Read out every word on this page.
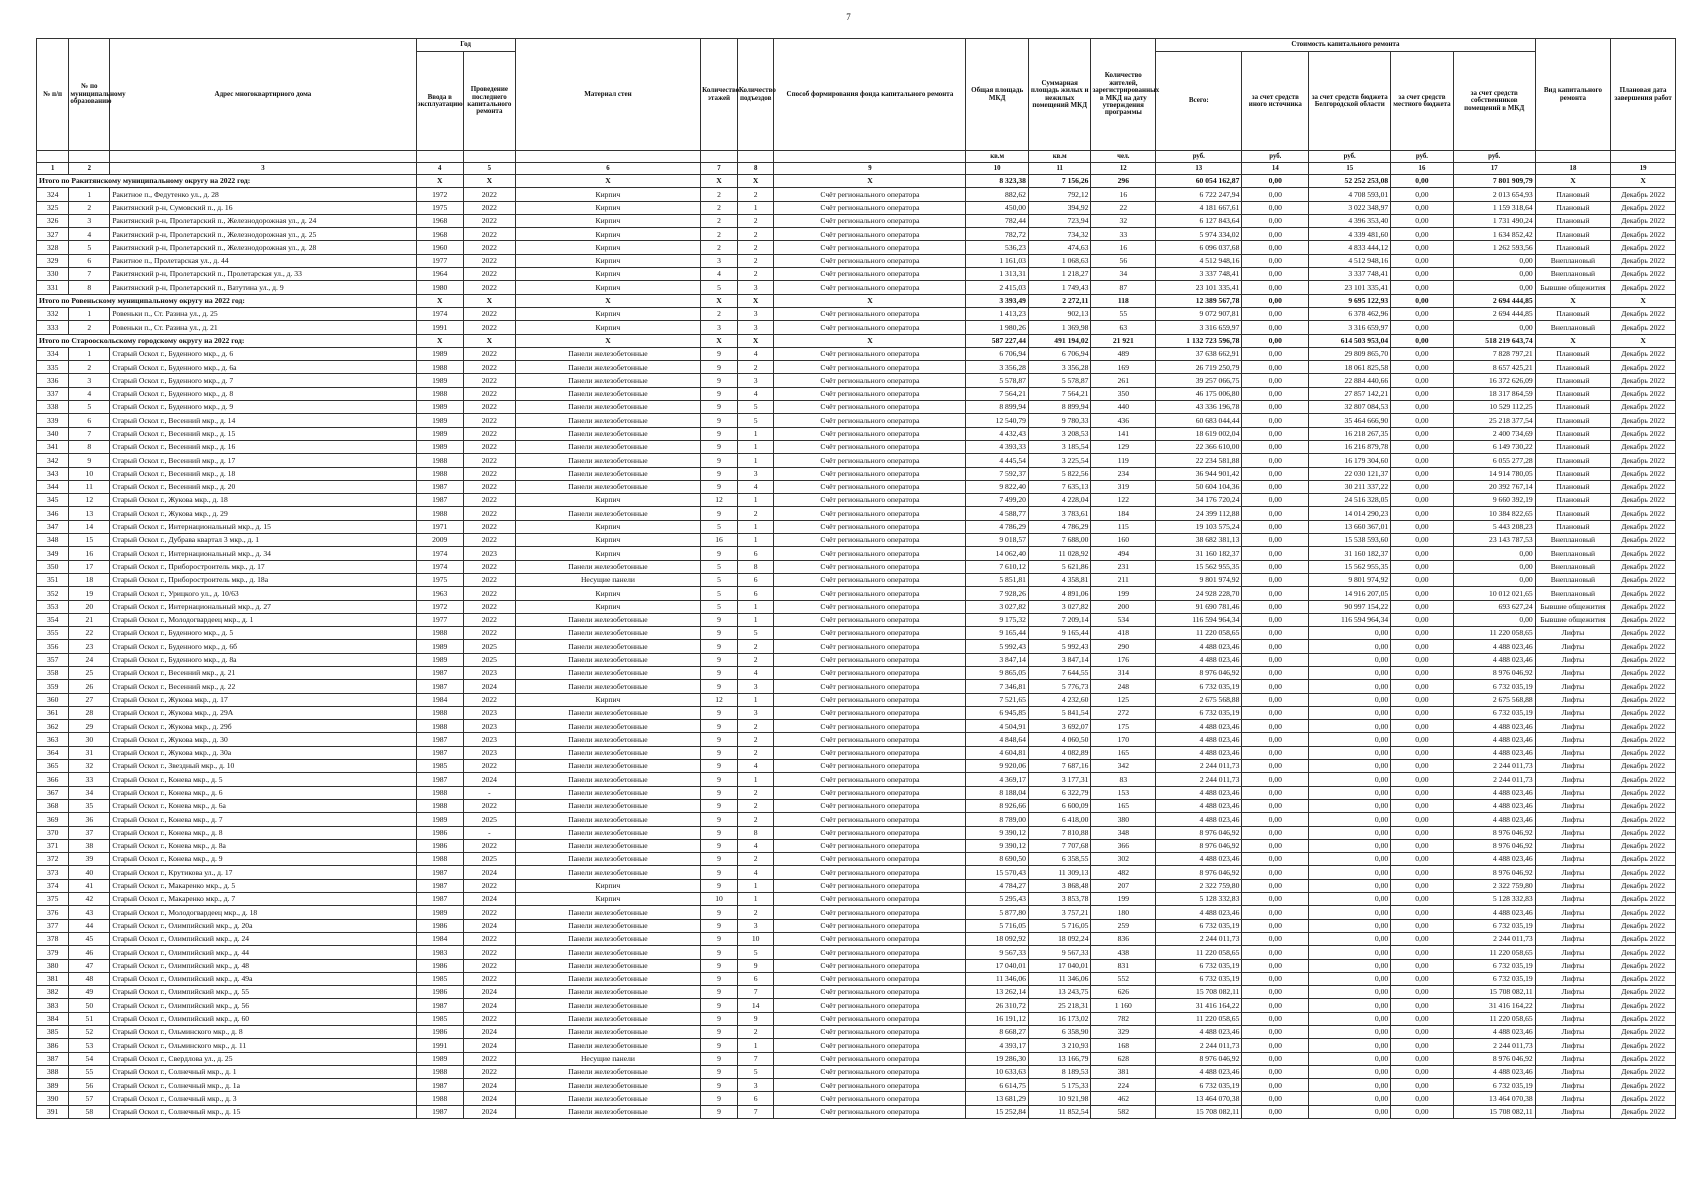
7
№ п/п	№ по муниципальному образованию	Адрес многоквартирного дома	Год		Материал стен	Количество этажей	Количество подъездов	Способ формирования фонда капитального ремонта	Общая площадь МКД	Суммарная площадь жилых и нежилых помещений МКД	Количество жителей, зарегистрированных в МКД на дату утверждения программы	Стоимость капитального ремонта					Вид капитального ремонта	Плановая дата завершения работ
			Ввода в эксплуатацию	Проведение последнего капитального ремонта								Всего:	за счет средств иного источника	за счет средств бюджета Белгородской области	за счет средств местного бюджета	за счет средств собственников помещений в МКД		
									кв.м	кв.м	чел.	руб.	руб.	руб.	руб.	руб.		
1	2	3	4	5	6	7	8	9	10	11	12	13	14	15	16	17	18	19
Итого по Ракитянскому муниципальному округу на 2022 год:			X	X	X	X	X	X	8 323,38	7 156,26	296	60 054 162,87	0,00	52 252 253,08	0,00	7 801 909,79	X	X
324	1	Ракитное п., Федутенко ул., д. 28	1972	2022	Кирпич	2	2	Счёт регионального оператора	882,62	792,12	16	6 722 247,94	0,00	4 708 593,01	0,00	2 013 654,93	Плановый	Декабрь 2022
325	2	Ракитянский р-н, Сумовский п., д. 16	1975	2022	Кирпич	2	1	Счёт регионального оператора	450,00	394,92	22	4 181 667,61	0,00	3 022 348,97	0,00	1 159 318,64	Плановый	Декабрь 2022
326	3	Ракитянский р-н, Пролетарский п., Железнодорожная ул., д. 24	1968	2022	Кирпич	2	2	Счёт регионального оператора	782,44	723,94	32	6 127 843,64	0,00	4 396 353,40	0,00	1 731 490,24	Плановый	Декабрь 2022
327	4	Ракитянский р-н, Пролетарский п., Железнодорожная ул., д. 25	1968	2022	Кирпич	2	2	Счёт регионального оператора	782,72	734,32	33	5 974 334,02	0,00	4 339 481,60	0,00	1 634 852,42	Плановый	Декабрь 2022
328	5	Ракитянский р-н, Пролетарский п., Железнодорожная ул., д. 28	1960	2022	Кирпич	2	2	Счёт регионального оператора	536,23	474,63	16	6 096 037,68	0,00	4 833 444,12	0,00	1 262 593,56	Плановый	Декабрь 2022
329	6	Ракитное п., Пролетарская ул., д. 44	1977	2022	Кирпич	3	2	Счёт регионального оператора	1 161,03	1 068,63	56	4 512 948,16	0,00	4 512 948,16	0,00	0,00	Внеплановый	Декабрь 2022
330	7	Ракитянский р-н, Пролетарский п., Пролетарская ул., д. 33	1964	2022	Кирпич	4	2	Счёт регионального оператора	1 313,31	1 218,27	34	3 337 748,41	0,00	3 337 748,41	0,00	0,00	Внеплановый	Декабрь 2022
331	8	Ракитянский р-н, Пролетарский п., Ватутина ул., д. 9	1980	2022	Кирпич	5	3	Счёт регионального оператора	2 415,03	1 749,43	87	23 101 335,41	0,00	23 101 335,41	0,00	0,00	Бывшие общежития	Декабрь 2022
Итого по Ровеньскому муниципальному округу на 2022 год:			X	X	X	X	X	X	3 393,49	2 272,11	118	12 389 567,78	0,00	9 695 122,93	0,00	2 694 444,85	X	X
332	1	Ровеньки п., Ст. Разина ул., д. 25	1974	2022	Кирпич	2	3	Счёт регионального оператора	1 413,23	902,13	55	9 072 907,81	0,00	6 378 462,96	0,00	2 694 444,85	Плановый	Декабрь 2022
333	2	Ровеньки п., Ст. Разина ул., д. 21	1991	2022	Кирпич	3	3	Счёт регионального оператора	1 980,26	1 369,98	63	3 316 659,97	0,00	3 316 659,97	0,00	0,00	Внеплановый	Декабрь 2022
Итого по Старооскольскому городскому округу на 2022 год:			X	X	X	X	X	X	587 227,44	491 194,02	21 921	1 132 723 596,78	0,00	614 503 953,04	0,00	518 219 643,74	X	X
334	1	Старый Оскол г., Буденного мкр., д. 6	1989	2022	Панели железобетонные	9	4	Счёт регионального оператора	6 706,94	6 706,94	489	37 638 662,91	0,00	29 809 865,70	0,00	7 828 797,21	Плановый	Декабрь 2022
335	2	Старый Оскол г., Буденного мкр., д. 6а	1988	2022	Панели железобетонные	9	2	Счёт регионального оператора	3 356,28	3 356,28	169	26 719 250,79	0,00	18 061 825,58	0,00	8 657 425,21	Плановый	Декабрь 2022
336	3	Старый Оскол г., Буденного мкр., д. 7	1989	2022	Панели железобетонные	9	3	Счёт регионального оператора	5 578,87	5 578,87	261	39 257 066,75	0,00	22 884 440,66	0,00	16 372 626,09	Плановый	Декабрь 2022
337	4	Старый Оскол г., Буденного мкр., д. 8	1988	2022	Панели железобетонные	9	4	Счёт регионального оператора	7 564,21	7 564,21	350	46 175 006,80	0,00	27 857 142,21	0,00	18 317 864,59	Плановый	Декабрь 2022
338	5	Старый Оскол г., Буденного мкр., д. 9	1989	2022	Панели железобетонные	9	5	Счёт регионального оператора	8 899,94	8 899,94	440	43 336 196,78	0,00	32 807 084,53	0,00	10 529 112,25	Плановый	Декабрь 2022
339	6	Старый Оскол г., Весенний мкр., д. 14	1989	2022	Панели железобетонные	9	5	Счёт регионального оператора	12 540,79	9 780,33	436	60 683 044,44	0,00	35 464 666,90	0,00	25 218 377,54	Плановый	Декабрь 2022
340	7	Старый Оскол г., Весенний мкр., д. 15	1989	2022	Панели железобетонные	9	1	Счёт регионального оператора	4 432,43	3 208,53	141	18 619 002,04	0,00	16 218 267,35	0,00	2 400 734,69	Плановый	Декабрь 2022
341	8	Старый Оскол г., Весенний мкр., д. 16	1989	2022	Панели железобетонные	9	1	Счёт регионального оператора	4 393,33	3 185,54	129	22 366 610,00	0,00	16 216 879,78	0,00	6 149 730,22	Плановый	Декабрь 2022
342	9	Старый Оскол г., Весенний мкр., д. 17	1988	2022	Панели железобетонные	9	1	Счёт регионального оператора	4 445,54	3 225,54	119	22 234 581,88	0,00	16 179 304,60	0,00	6 055 277,28	Плановый	Декабрь 2022
343	10	Старый Оскол г., Весенний мкр., д. 18	1988	2022	Панели железобетонные	9	3	Счёт регионального оператора	7 592,37	5 822,56	234	36 944 901,42	0,00	22 030 121,37	0,00	14 914 780,05	Плановый	Декабрь 2022
344	11	Старый Оскол г., Весенний мкр., д. 20	1987	2022	Панели железобетонные	9	4	Счёт регионального оператора	9 822,40	7 635,13	319	50 604 104,36	0,00	30 211 337,22	0,00	20 392 767,14	Плановый	Декабрь 2022
345	12	Старый Оскол г., Жукова мкр., д. 18	1987	2022	Кирпич	12	1	Счёт регионального оператора	7 499,20	4 228,04	122	34 176 720,24	0,00	24 516 328,05	0,00	9 660 392,19	Плановый	Декабрь 2022
346	13	Старый Оскол г., Жукова мкр., д. 29	1988	2022	Панели железобетонные	9	2	Счёт регионального оператора	4 588,77	3 783,61	184	24 399 112,88	0,00	14 014 290,23	0,00	10 384 822,65	Плановый	Декабрь 2022
347	14	Старый Оскол г., Интернациональный мкр., д. 15	1971	2022	Кирпич	5	1	Счёт регионального оператора	4 786,29	4 786,29	115	19 103 575,24	0,00	13 660 367,01	0,00	5 443 208,23	Плановый	Декабрь 2022
348	15	Старый Оскол г., Дубрава квартал 3 мкр., д. 1	2009	2022	Кирпич	16	1	Счёт регионального оператора	9 018,57	7 688,00	160	38 682 381,13	0,00	15 538 593,60	0,00	23 143 787,53	Внеплановый	Декабрь 2022
349	16	Старый Оскол г., Интернациональный мкр., д. 34	1974	2023	Кирпич	9	6	Счёт регионального оператора	14 062,40	11 028,92	494	31 160 182,37	0,00	31 160 182,37	0,00	0,00	Внеплановый	Декабрь 2022
350	17	Старый Оскол г., Приборостроитель мкр., д. 17	1974	2022	Панели железобетонные	5	8	Счёт регионального оператора	7 610,12	5 621,86	231	15 562 955,35	0,00	15 562 955,35	0,00	0,00	Внеплановый	Декабрь 2022
351	18	Старый Оскол г., Приборостроитель мкр., д. 18а	1975	2022	Несущие панели	5	6	Счёт регионального оператора	5 851,81	4 358,81	211	9 801 974,92	0,00	9 801 974,92	0,00	0,00	Внеплановый	Декабрь 2022
352	19	Старый Оскол г., Урицкого ул., д. 10/63	1963	2022	Кирпич	5	6	Счёт регионального оператора	7 928,26	4 891,06	199	24 928 228,70	0,00	14 916 207,05	0,00	10 012 021,65	Внеплановый	Декабрь 2022
353	20	Старый Оскол г., Интернациональный мкр., д. 27	1972	2022	Кирпич	5	1	Счёт регионального оператора	3 027,82	3 027,82	200	91 690 781,46	0,00	90 997 154,22	0,00	693 627,24	Бывшие общежития	Декабрь 2022
354	21	Старый Оскол г., Молодогвардеец мкр., д. 1	1977	2022	Панели железобетонные	9	1	Счёт регионального оператора	9 175,32	7 209,14	534	116 594 964,34	0,00	116 594 964,34	0,00	0,00	Бывшие общежития	Декабрь 2022
355	22	Старый Оскол г., Буденного мкр., д. 5	1988	2022	Панели железобетонные	9	5	Счёт регионального оператора	9 165,44	9 165,44	418	11 220 058,65	0,00	0,00	0,00	11 220 058,65	Лифты	Декабрь 2022
356	23	Старый Оскол г., Буденного мкр., д. 6б	1989	2025	Панели железобетонные	9	2	Счёт регионального оператора	5 992,43	5 992,43	290	4 488 023,46	0,00	0,00	0,00	4 488 023,46	Лифты	Декабрь 2022
357	24	Старый Оскол г., Буденного мкр., д. 8а	1989	2025	Панели железобетонные	9	2	Счёт регионального оператора	3 847,14	3 847,14	176	4 488 023,46	0,00	0,00	0,00	4 488 023,46	Лифты	Декабрь 2022
358	25	Старый Оскол г., Весенний мкр., д. 21	1987	2023	Панели железобетонные	9	4	Счёт регионального оператора	9 865,05	7 644,55	314	8 976 046,92	0,00	0,00	0,00	8 976 046,92	Лифты	Декабрь 2022
359	26	Старый Оскол г., Весенний мкр., д. 22	1987	2024	Панели железобетонные	9	3	Счёт регионального оператора	7 346,81	5 776,73	248	6 732 035,19	0,00	0,00	0,00	6 732 035,19	Лифты	Декабрь 2022
360	27	Старый Оскол г., Жукова мкр., д. 17	1984	2022	Кирпич	12	1	Счёт регионального оператора	7 521,65	4 232,60	125	2 675 568,88	0,00	0,00	0,00	2 675 568,88	Лифты	Декабрь 2022
361	28	Старый Оскол г., Жукова мкр., д. 29А	1988	2023	Панели железобетонные	9	3	Счёт регионального оператора	6 945,85	5 841,54	272	6 732 035,19	0,00	0,00	0,00	6 732 035,19	Лифты	Декабрь 2022
362	29	Старый Оскол г., Жукова мкр., д. 29б	1988	2023	Панели железобетонные	9	2	Счёт регионального оператора	4 504,91	3 692,07	175	4 488 023,46	0,00	0,00	0,00	4 488 023,46	Лифты	Декабрь 2022
363	30	Старый Оскол г., Жукова мкр., д. 30	1987	2023	Панели железобетонные	9	2	Счёт регионального оператора	4 848,64	4 060,50	170	4 488 023,46	0,00	0,00	0,00	4 488 023,46	Лифты	Декабрь 2022
364	31	Старый Оскол г., Жукова мкр., д. 30а	1987	2023	Панели железобетонные	9	2	Счёт регионального оператора	4 604,81	4 082,89	165	4 488 023,46	0,00	0,00	0,00	4 488 023,46	Лифты	Декабрь 2022
365	32	Старый Оскол г., Звездный мкр., д. 10	1985	2022	Панели железобетонные	9	4	Счёт регионального оператора	9 920,06	7 687,16	342	2 244 011,73	0,00	0,00	0,00	2 244 011,73	Лифты	Декабрь 2022
366	33	Старый Оскол г., Конева мкр., д. 5	1987	2024	Панели железобетонные	9	1	Счёт регионального оператора	4 369,17	3 177,31	83	2 244 011,73	0,00	0,00	0,00	2 244 011,73	Лифты	Декабрь 2022
367	34	Старый Оскол г., Конева мкр., д. 6	1988	-	Панели железобетонные	9	2	Счёт регионального оператора	8 188,04	6 322,79	153	4 488 023,46	0,00	0,00	0,00	4 488 023,46	Лифты	Декабрь 2022
368	35	Старый Оскол г., Конева мкр., д. 6а	1988	2022	Панели железобетонные	9	2	Счёт регионального оператора	8 926,66	6 600,09	165	4 488 023,46	0,00	0,00	0,00	4 488 023,46	Лифты	Декабрь 2022
369	36	Старый Оскол г., Конева мкр., д. 7	1989	2025	Панели железобетонные	9	2	Счёт регионального оператора	8 789,00	6 418,00	380	4 488 023,46	0,00	0,00	0,00	4 488 023,46	Лифты	Декабрь 2022
370	37	Старый Оскол г., Конева мкр., д. 8	1986	-	Панели железобетонные	9	8	Счёт регионального оператора	9 390,12	7 810,88	348	8 976 046,92	0,00	0,00	0,00	8 976 046,92	Лифты	Декабрь 2022
371	38	Старый Оскол г., Конева мкр., д. 8а	1986	2022	Панели железобетонные	9	4	Счёт регионального оператора	9 390,12	7 707,68	366	8 976 046,92	0,00	0,00	0,00	8 976 046,92	Лифты	Декабрь 2022
372	39	Старый Оскол г., Конева мкр., д. 9	1988	2025	Панели железобетонные	9	2	Счёт регионального оператора	8 690,50	6 358,55	302	4 488 023,46	0,00	0,00	0,00	4 488 023,46	Лифты	Декабрь 2022
373	40	Старый Оскол г., Крутикова ул., д. 17	1987	2024	Панели железобетонные	9	4	Счёт регионального оператора	15 570,43	11 309,13	482	8 976 046,92	0,00	0,00	0,00	8 976 046,92	Лифты	Декабрь 2022
374	41	Старый Оскол г., Макаренко мкр., д. 5	1987	2022	Кирпич	9	1	Счёт регионального оператора	4 784,27	3 868,48	207	2 322 759,80	0,00	0,00	0,00	2 322 759,80	Лифты	Декабрь 2022
375	42	Старый Оскол г., Макаренко мкр., д. 7	1987	2024	Кирпич	10	1	Счёт регионального оператора	5 295,43	3 853,78	199	5 128 332,83	0,00	0,00	0,00	5 128 332,83	Лифты	Декабрь 2022
376	43	Старый Оскол г., Молодогвардеец мкр., д. 18	1989	2022	Панели железобетонные	9	2	Счёт регионального оператора	5 877,80	3 757,21	180	4 488 023,46	0,00	0,00	0,00	4 488 023,46	Лифты	Декабрь 2022
377	44	Старый Оскол г., Олимпийский мкр., д. 20а	1986	2024	Панели железобетонные	9	3	Счёт регионального оператора	5 716,05	5 716,05	259	6 732 035,19	0,00	0,00	0,00	6 732 035,19	Лифты	Декабрь 2022
378	45	Старый Оскол г., Олимпийский мкр., д. 24	1984	2022	Панели железобетонные	9	10	Счёт регионального оператора	18 092,92	18 092,24	836	2 244 011,73	0,00	0,00	0,00	2 244 011,73	Лифты	Декабрь 2022
379	46	Старый Оскол г., Олимпийский мкр., д. 44	1983	2022	Панели железобетонные	9	5	Счёт регионального оператора	9 567,33	9 567,33	438	11 220 058,65	0,00	0,00	0,00	11 220 058,65	Лифты	Декабрь 2022
380	47	Старый Оскол г., Олимпийский мкр., д. 48	1986	2022	Панели железобетонные	9	9	Счёт регионального оператора	17 040,01	17 040,01	831	6 732 035,19	0,00	0,00	0,00	6 732 035,19	Лифты	Декабрь 2022
381	48	Старый Оскол г., Олимпийский мкр., д. 49а	1985	2022	Панели железобетонные	9	6	Счёт регионального оператора	11 346,06	11 346,06	552	6 732 035,19	0,00	0,00	0,00	6 732 035,19	Лифты	Декабрь 2022
382	49	Старый Оскол г., Олимпийский мкр., д. 55	1986	2024	Панели железобетонные	9	7	Счёт регионального оператора	13 262,14	13 243,75	626	15 708 082,11	0,00	0,00	0,00	15 708 082,11	Лифты	Декабрь 2022
383	50	Старый Оскол г., Олимпийский мкр., д. 56	1987	2024	Панели железобетонные	9	14	Счёт регионального оператора	26 310,72	25 218,31	1 160	31 416 164,22	0,00	0,00	0,00	31 416 164,22	Лифты	Декабрь 2022
384	51	Старый Оскол г., Олимпийский мкр., д. 60	1985	2022	Панели железобетонные	9	9	Счёт регионального оператора	16 191,12	16 173,02	782	11 220 058,65	0,00	0,00	0,00	11 220 058,65	Лифты	Декабрь 2022
385	52	Старый Оскол г., Ольминского мкр., д. 8	1986	2024	Панели железобетонные	9	2	Счёт регионального оператора	8 668,27	6 358,90	329	4 488 023,46	0,00	0,00	0,00	4 488 023,46	Лифты	Декабрь 2022
386	53	Старый Оскол г., Ольминского мкр., д. 11	1991	2024	Панели железобетонные	9	1	Счёт регионального оператора	4 393,17	3 210,93	168	2 244 011,73	0,00	0,00	0,00	2 244 011,73	Лифты	Декабрь 2022
387	54	Старый Оскол г., Свердлова ул., д. 25	1989	2022	Несущие панели	9	7	Счёт регионального оператора	19 286,30	13 166,79	628	8 976 046,92	0,00	0,00	0,00	8 976 046,92	Лифты	Декабрь 2022
388	55	Старый Оскол г., Солнечный мкр., д. 1	1988	2022	Панели железобетонные	9	5	Счёт регионального оператора	10 633,63	8 189,53	381	4 488 023,46	0,00	0,00	0,00	4 488 023,46	Лифты	Декабрь 2022
389	56	Старый Оскол г., Солнечный мкр., д. 1а	1987	2024	Панели железобетонные	9	3	Счёт регионального оператора	6 614,75	5 175,33	224	6 732 035,19	0,00	0,00	0,00	6 732 035,19	Лифты	Декабрь 2022
390	57	Старый Оскол г., Солнечный мкр., д. 3	1988	2024	Панели железобетонные	9	6	Счёт регионального оператора	13 681,29	10 921,98	462	13 464 070,38	0,00	0,00	0,00	13 464 070,38	Лифты	Декабрь 2022
391	58	Старый Оскол г., Солнечный мкр., д. 15	1987	2024	Панели железобетонные	9	7	Счёт регионального оператора	15 252,84	11 852,54	582	15 708 082,11	0,00	0,00	0,00	15 708 082,11	Лифты	Декабрь 2022
